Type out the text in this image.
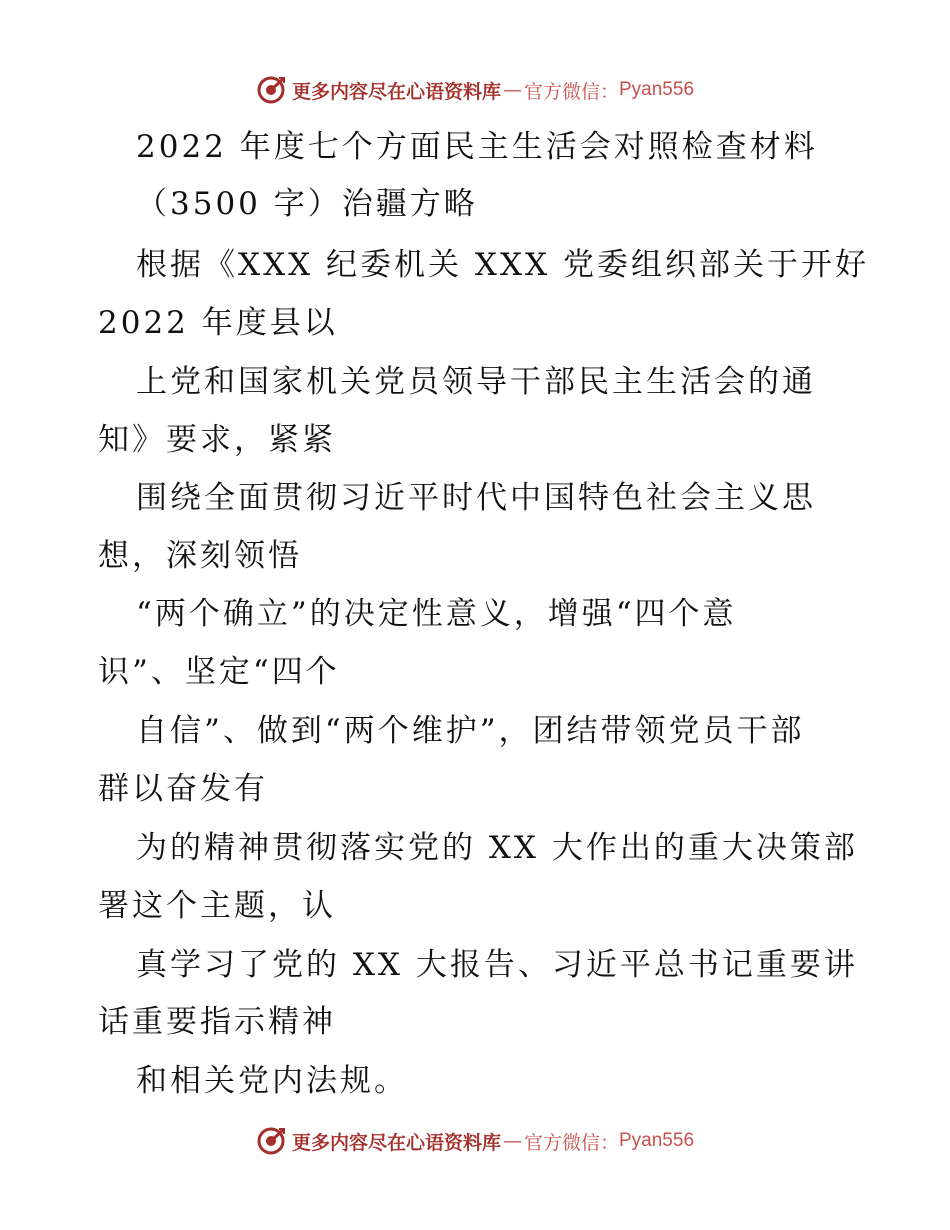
更多内容尽在心语资料库 — 官方微信： Pyan556
2022 年度七个方面民主生活会对照检查材料
（3500 字）治疆方略
根据《XXX 纪委机关 XXX 党委组织部关于开好
2022 年度县以
上党和国家机关党员领导干部民主生活会的通
知》要求，紧紧
围绕全面贯彻习近平时代中国特色社会主义思
想，深刻领悟
“两个确立”的决定性意义，增强“四个意
识”、坚定“四个
自信”、做到“两个维护”，团结带领党员干部
群以奋发有
为的精神贯彻落实党的 XX 大作出的重大决策部
署这个主题，认
真学习了党的 XX 大报告、习近平总书记重要讲
话重要指示精神
和相关党内法规。
更多内容尽在心语资料库 — 官方微信： Pyan556
